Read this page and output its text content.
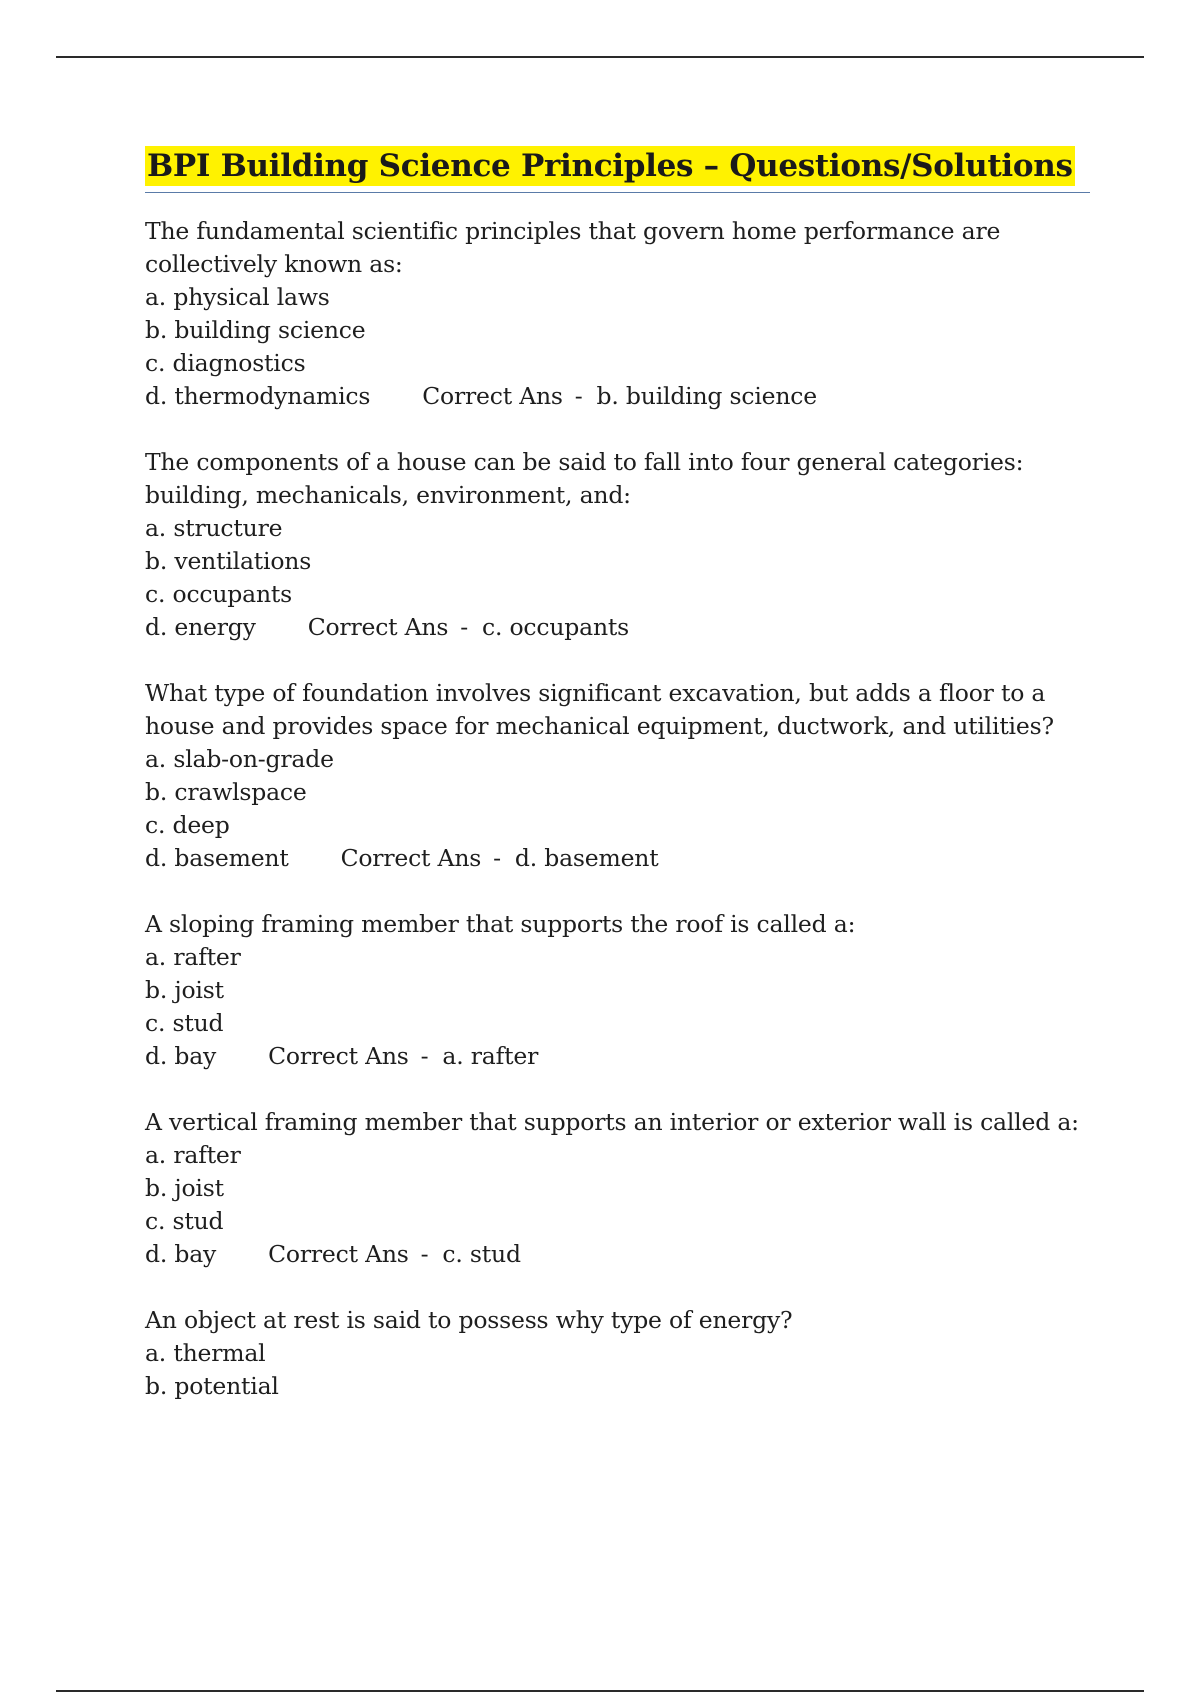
BPI Building Science Principles – Questions/Solutions
The fundamental scientific principles that govern home performance are collectively known as:
a. physical laws
b. building science
c. diagnostics
d. thermodynamics Correct Ans - b. building science
The components of a house can be said to fall into four general categories: building, mechanicals, environment, and:
a. structure
b. ventilations
c. occupants
d. energy Correct Ans - c. occupants
What type of foundation involves significant excavation, but adds a floor to a house and provides space for mechanical equipment, ductwork, and utilities?
a. slab-on-grade
b. crawlspace
c. deep
d. basement Correct Ans - d. basement
A sloping framing member that supports the roof is called a:
a. rafter
b. joist
c. stud
d. bay Correct Ans - a. rafter
A vertical framing member that supports an interior or exterior wall is called a:
a. rafter
b. joist
c. stud
d. bay Correct Ans - c. stud
An object at rest is said to possess why type of energy?
a. thermal
b. potential
